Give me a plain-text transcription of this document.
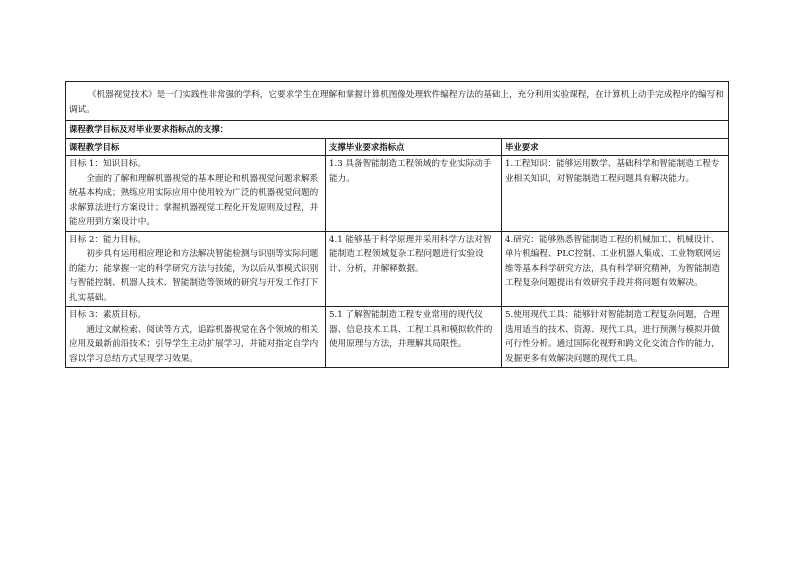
《机器视觉技术》是一门实践性非常强的学科，它要求学生在理解和掌握计算机图像处理软件编程方法的基础上，充分利用实验课程，在计算机上动手完成程序的编写和调试。		

课程教学目标及对毕业要求指标点的支撑：		
课程教学目标	支撑毕业要求指标点	毕业要求

目标 1：知识目标。
全面的了解和理解机器视觉的基本理论和机器视觉问题求解系统基本构成；熟练应用实际应用中使用较为广泛的机器视觉问题的求解算法进行方案设计；掌握机器视觉工程化开发原则及过程，并能应用到方案设计中。	1.3 具备智能制造工程领域的专业实际动手能力。	1.工程知识：能够运用数学、基础科学和智能制造工程专业相关知识，对智能制造工程问题具有解决能力。

目标 2：能力目标。
初步具有运用相应理论和方法解决智能检测与识别等实际问题的能力；能掌握一定的科学研究方法与技能，为以后从事模式识别与智能控制、机器人技术、智能制造等领域的研究与开发工作打下扎实基础。	4.1 能够基于科学原理并采用科学方法对智能制造工程领域复杂工程问题进行实验设计、分析，并解释数据。	4.研究：能够熟悉智能制造工程的机械加工、机械设计、单片机编程、PLC控制、工业机器人集成、工业物联网运维等基本科学研究方法，具有科学研究精神，为智能制造工程复杂问题提出有效研究手段并将问题有效解决。

目标 3：素质目标。
通过文献检索、阅读等方式，追踪机器视觉在各个领域的相关应用及最新前沿技术；引导学生主动扩展学习，并能对指定自学内容以学习总结方式呈现学习效果。	5.1 了解智能制造工程专业常用的现代仪器、信息技术工具、工程工具和模拟软件的使用原理与方法，并理解其局限性。	5.使用现代工具：能够针对智能制造工程复杂问题，合理选用适当的技术、资源、现代工具，进行预测与模拟并做可行性分析。通过国际化视野和跨文化交流合作的能力，发掘更多有效解决问题的现代工具。
